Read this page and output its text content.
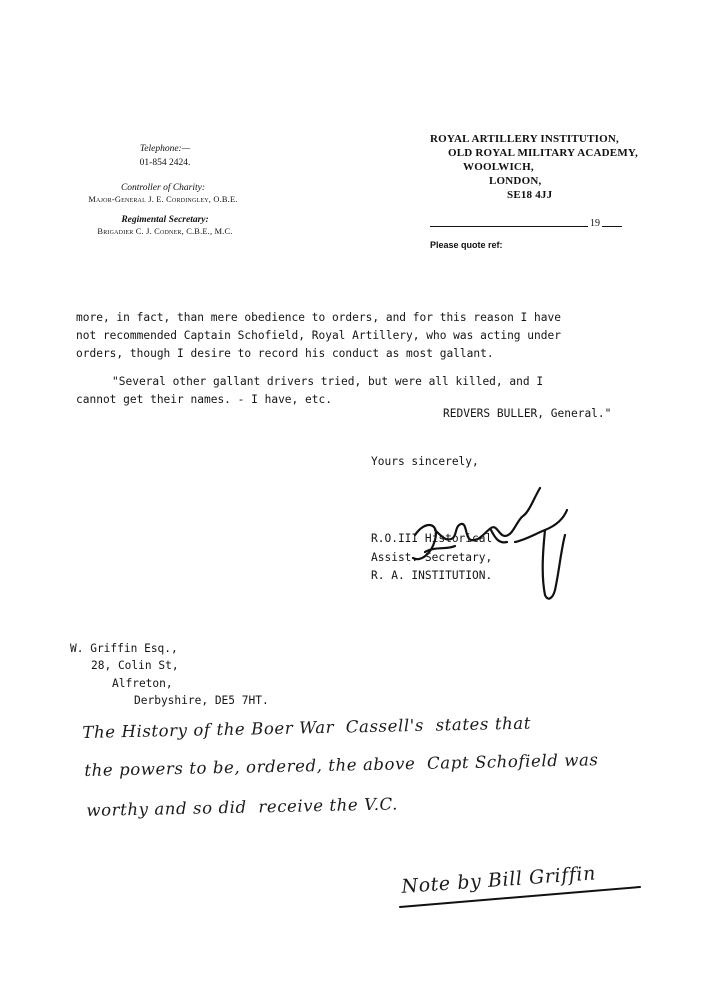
Telephone:—
01-854 2424.
Controller of Charity:
Major-General J. E. Cordingley, O.B.E.
Regimental Secretary:
Brigadier C. J. Codner, C.B.E., M.C.
ROYAL ARTILLERY INSTITUTION,
OLD ROYAL MILITARY ACADEMY,
WOOLWICH,
LONDON,
SE18 4JJ
19
Please quote ref:
more, in fact, than mere obedience to orders, and for this reason I have
not recommended Captain Schofield, Royal Artillery, who was acting under
orders, though I desire to record his conduct as most gallant.
"Several other gallant drivers tried, but were all killed, and I
cannot get their names. - I have, etc.
REDVERS BULLER, General."
Yours sincerely,
R.O.III Historical
Assist. Secretary,
R. A. INSTITUTION.
W. Griffin Esq.,
28, Colin St,
Alfreton,
Derbyshire, DE5 7HT.
The History of the Boer War  Cassell's  states that
the powers to be, ordered, the above  Capt Schofield was
worthy and so did  receive the V.C.
Note by Bill Griffin
